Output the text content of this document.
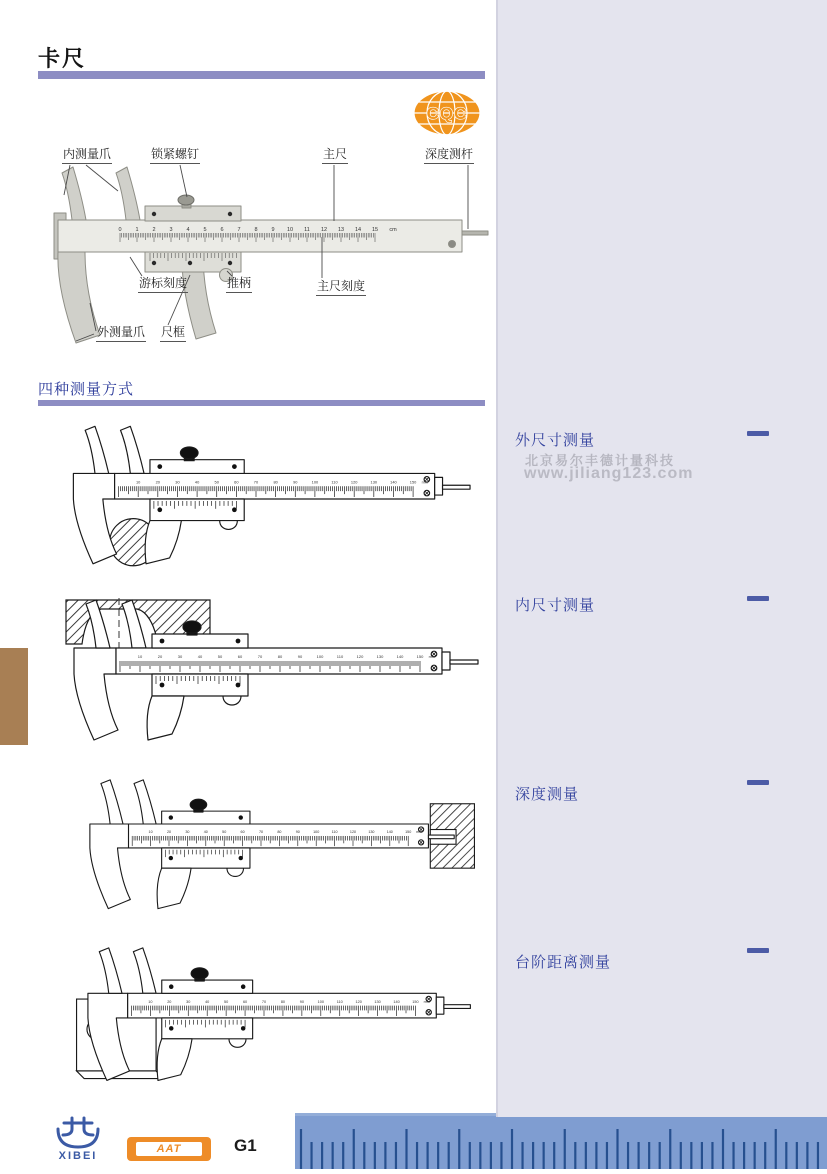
卡尺
CQC
0	1	2	3	4	5	6	7	8	9 10 11 12 13 14 15 cm
内测量爪	锁紧螺钉	主尺	深度测杆
游标刻度	推柄	主尺刻度
外测量爪 尺框
四种测量方式
10	20	30	40	50	60	70	80	90	100	110	120	130	140	150 mm
10	20	30	40	50	60	70	80	90	100	110	120	130	140	150 mm
10	20	30	40	50	60	70	80	90	100	110	120	130	140	150 mm
10	20	30	40	50	60	70	80	90	100	110	120	130	140	150 mm
外尺寸测量
北京易尔丰德计量科技
www.jiliang123.com
内尺寸测量
深度测量
台阶距离测量
XIBEI
AAT	G1
